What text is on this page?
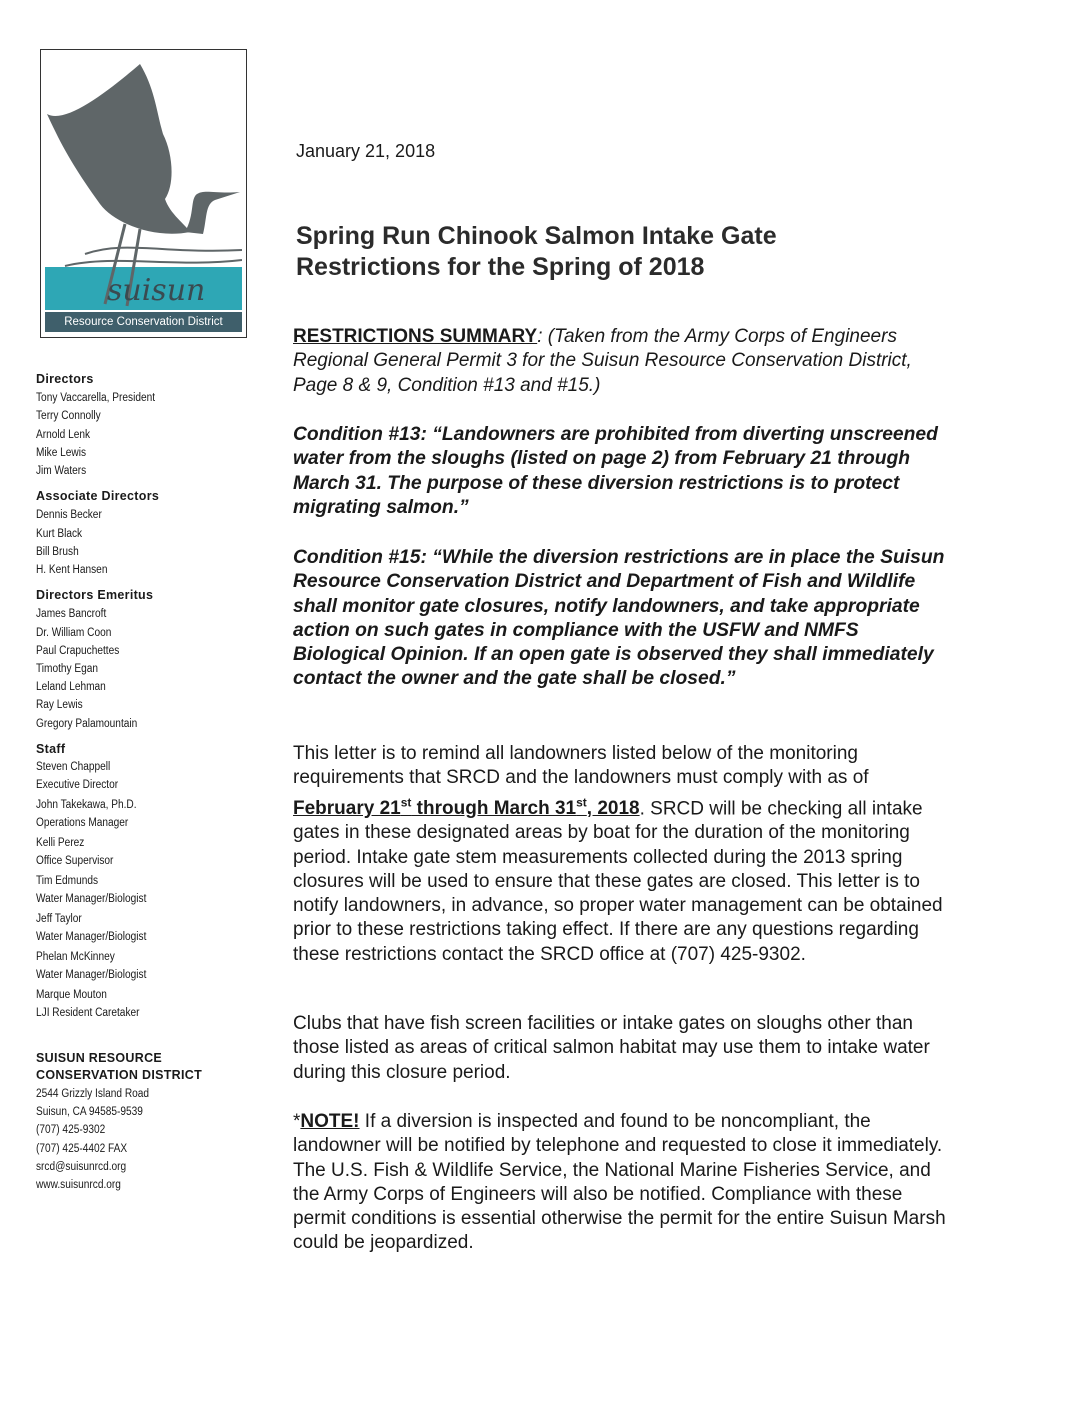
suisun
Resource Conservation District
Directors
Tony Vaccarella, President
Terry Connolly
Arnold Lenk
Mike Lewis
Jim Waters
Associate Directors
Dennis Becker
Kurt Black
Bill Brush
H. Kent Hansen
Directors Emeritus
James Bancroft
Dr. William Coon
Paul Crapuchettes
Timothy Egan
Leland Lehman
Ray Lewis
Gregory Palamountain
Staff
Steven Chappell
Executive Director
John Takekawa, Ph.D.
Operations Manager
Kelli Perez
Office Supervisor
Tim Edmunds
Water Manager/Biologist
Jeff Taylor
Water Manager/Biologist
Phelan McKinney
Water Manager/Biologist
Marque Mouton
LJI Resident Caretaker
SUISUN RESOURCE
CONSERVATION DISTRICT
2544 Grizzly Island Road
Suisun, CA 94585-9539
(707) 425-9302
(707) 425-4402 FAX
srcd@suisunrcd.org
www.suisunrcd.org
January 21, 2018
Spring Run Chinook Salmon Intake Gate
Restrictions for the Spring of 2018
RESTRICTIONS SUMMARY: (Taken from the Army Corps of Engineers Regional General Permit 3 for the Suisun Resource Conservation District, Page 8 & 9, Condition #13 and #15.)
Condition #13: “Landowners are prohibited from diverting unscreened water from the sloughs (listed on page 2) from February 21 through March 31. The purpose of these diversion restrictions is to protect migrating salmon.”
Condition #15: “While the diversion restrictions are in place the Suisun Resource Conservation District and Department of Fish and Wildlife shall monitor gate closures, notify landowners, and take appropriate action on such gates in compliance with the USFW and NMFS Biological Opinion. If an open gate is observed they shall immediately contact the owner and the gate shall be closed.”
This letter is to remind all landowners listed below of the monitoring requirements that SRCD and the landowners must comply with as of February 21st through March 31st, 2018. SRCD will be checking all intake gates in these designated areas by boat for the duration of the monitoring period. Intake gate stem measurements collected during the 2013 spring closures will be used to ensure that these gates are closed. This letter is to notify landowners, in advance, so proper water management can be obtained prior to these restrictions taking effect. If there are any questions regarding these restrictions contact the SRCD office at (707) 425-9302.
Clubs that have fish screen facilities or intake gates on sloughs other than those listed as areas of critical salmon habitat may use them to intake water during this closure period.
*NOTE! If a diversion is inspected and found to be noncompliant, the landowner will be notified by telephone and requested to close it immediately. The U.S. Fish & Wildlife Service, the National Marine Fisheries Service, and the Army Corps of Engineers will also be notified. Compliance with these permit conditions is essential otherwise the permit for the entire Suisun Marsh could be jeopardized.
